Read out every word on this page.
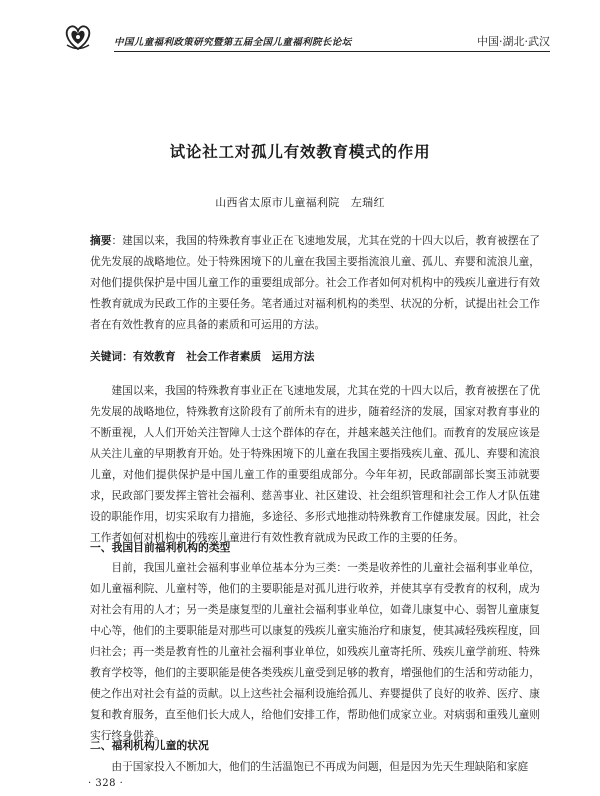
中国儿童福利政策研究暨第五届全国儿童福利院长论坛	中国·湖北·武汉
试论社工对孤儿有效教育模式的作用
山西省太原市儿童福利院　左瑞红
摘要：建国以来，我国的特殊教育事业正在飞速地发展，尤其在党的十四大以后，教育被摆在了优先发展的战略地位。处于特殊困境下的儿童在我国主要指流浪儿童、孤儿、弃婴和流浪儿童，对他们提供保护是中国儿童工作的重要组成部分。社会工作者如何对机构中的残疾儿童进行有效性教育就成为民政工作的主要任务。笔者通过对福利机构的类型、状况的分析，试提出社会工作者在有效性教育的应具备的素质和可运用的方法。
关键词：有效教育　社会工作者素质　运用方法
建国以来，我国的特殊教育事业正在飞速地发展，尤其在党的十四大以后，教育被摆在了优先发展的战略地位，特殊教育这阶段有了前所未有的进步，随着经济的发展，国家对教育事业的不断重视，人人们开始关注智障人士这个群体的存在，并越来越关注他们。而教育的发展应该是从关注儿童的早期教育开始。处于特殊困境下的儿童在我国主要指残疾儿童、孤儿、弃婴和流浪儿童，对他们提供保护是中国儿童工作的重要组成部分。今年年初，民政部副部长窦玉沛就要求，民政部门要发挥主管社会福利、慈善事业、社区建设、社会组织管理和社会工作人才队伍建设的职能作用，切实采取有力措施，多途径、多形式地推动特殊教育工作健康发展。因此，社会工作者如何对机构中的残疾儿童进行有效性教育就成为民政工作的主要的任务。
一、我国目前福利机构的类型
目前，我国儿童社会福利事业单位基本分为三类：一类是收养性的儿童社会福利事业单位，如儿童福利院、儿童村等，他们的主要职能是对孤儿进行收养，并使其享有受教育的权利，成为对社会有用的人才；另一类是康复型的儿童社会福利事业单位，如聋儿康复中心、弱智儿童康复中心等，他们的主要职能是对那些可以康复的残疾儿童实施治疗和康复，使其减轻残疾程度，回归社会；再一类是教育性的儿童社会福利事业单位，如残疾儿童寄托所、残疾儿童学前班、特殊教育学校等，他们的主要职能是使各类残疾儿童受到足够的教育，增强他们的生活和劳动能力，使之作出对社会有益的贡献。以上这些社会福利设施给孤儿、弃婴提供了良好的收养、医疗、康复和教育服务，直至他们长大成人，给他们安排工作，帮助他们成家立业。对病弱和重残儿童则实行终身供养。
二、福利机构儿童的状况
由于国家投入不断加大，他们的生活温饱已不再成为问题，但是因为先天生理缺陷和家庭
· 328 ·
